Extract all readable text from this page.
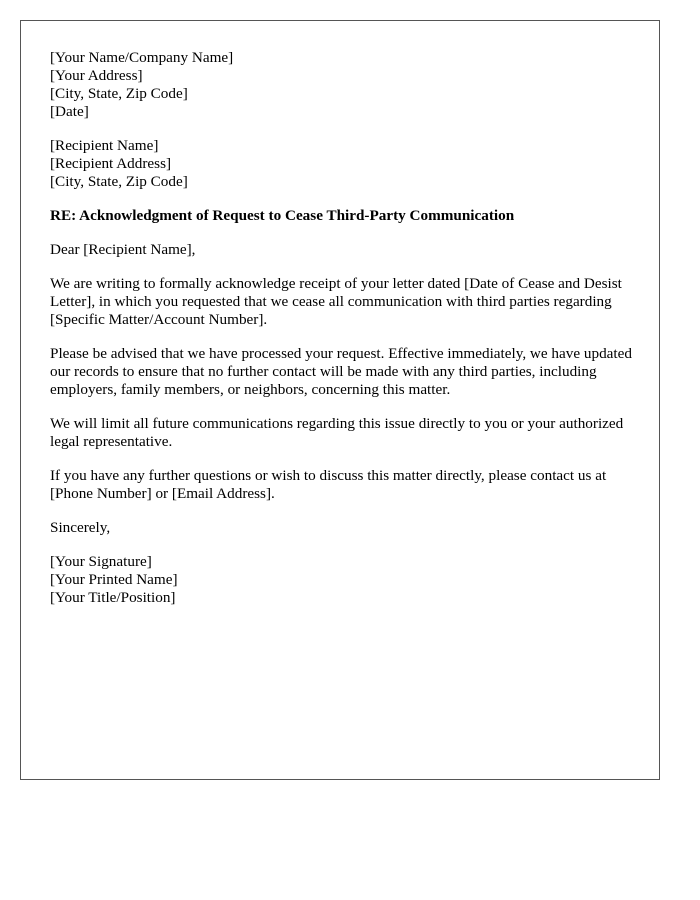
[Your Name/Company Name]
[Your Address]
[City, State, Zip Code]
[Date]
[Recipient Name]
[Recipient Address]
[City, State, Zip Code]
RE: Acknowledgment of Request to Cease Third-Party Communication

Dear [Recipient Name],

We are writing to formally acknowledge receipt of your letter dated [Date of Cease and Desist Letter], in which you requested that we cease all communication with third parties regarding [Specific Matter/Account Number].

Please be advised that we have processed your request. Effective immediately, we have updated our records to ensure that no further contact will be made with any third parties, including employers, family members, or neighbors, concerning this matter.

We will limit all future communications regarding this issue directly to you or your authorized legal representative.

If you have any further questions or wish to discuss this matter directly, please contact us at [Phone Number] or [Email Address].

Sincerely,

[Your Signature]
[Your Printed Name]
[Your Title/Position]
